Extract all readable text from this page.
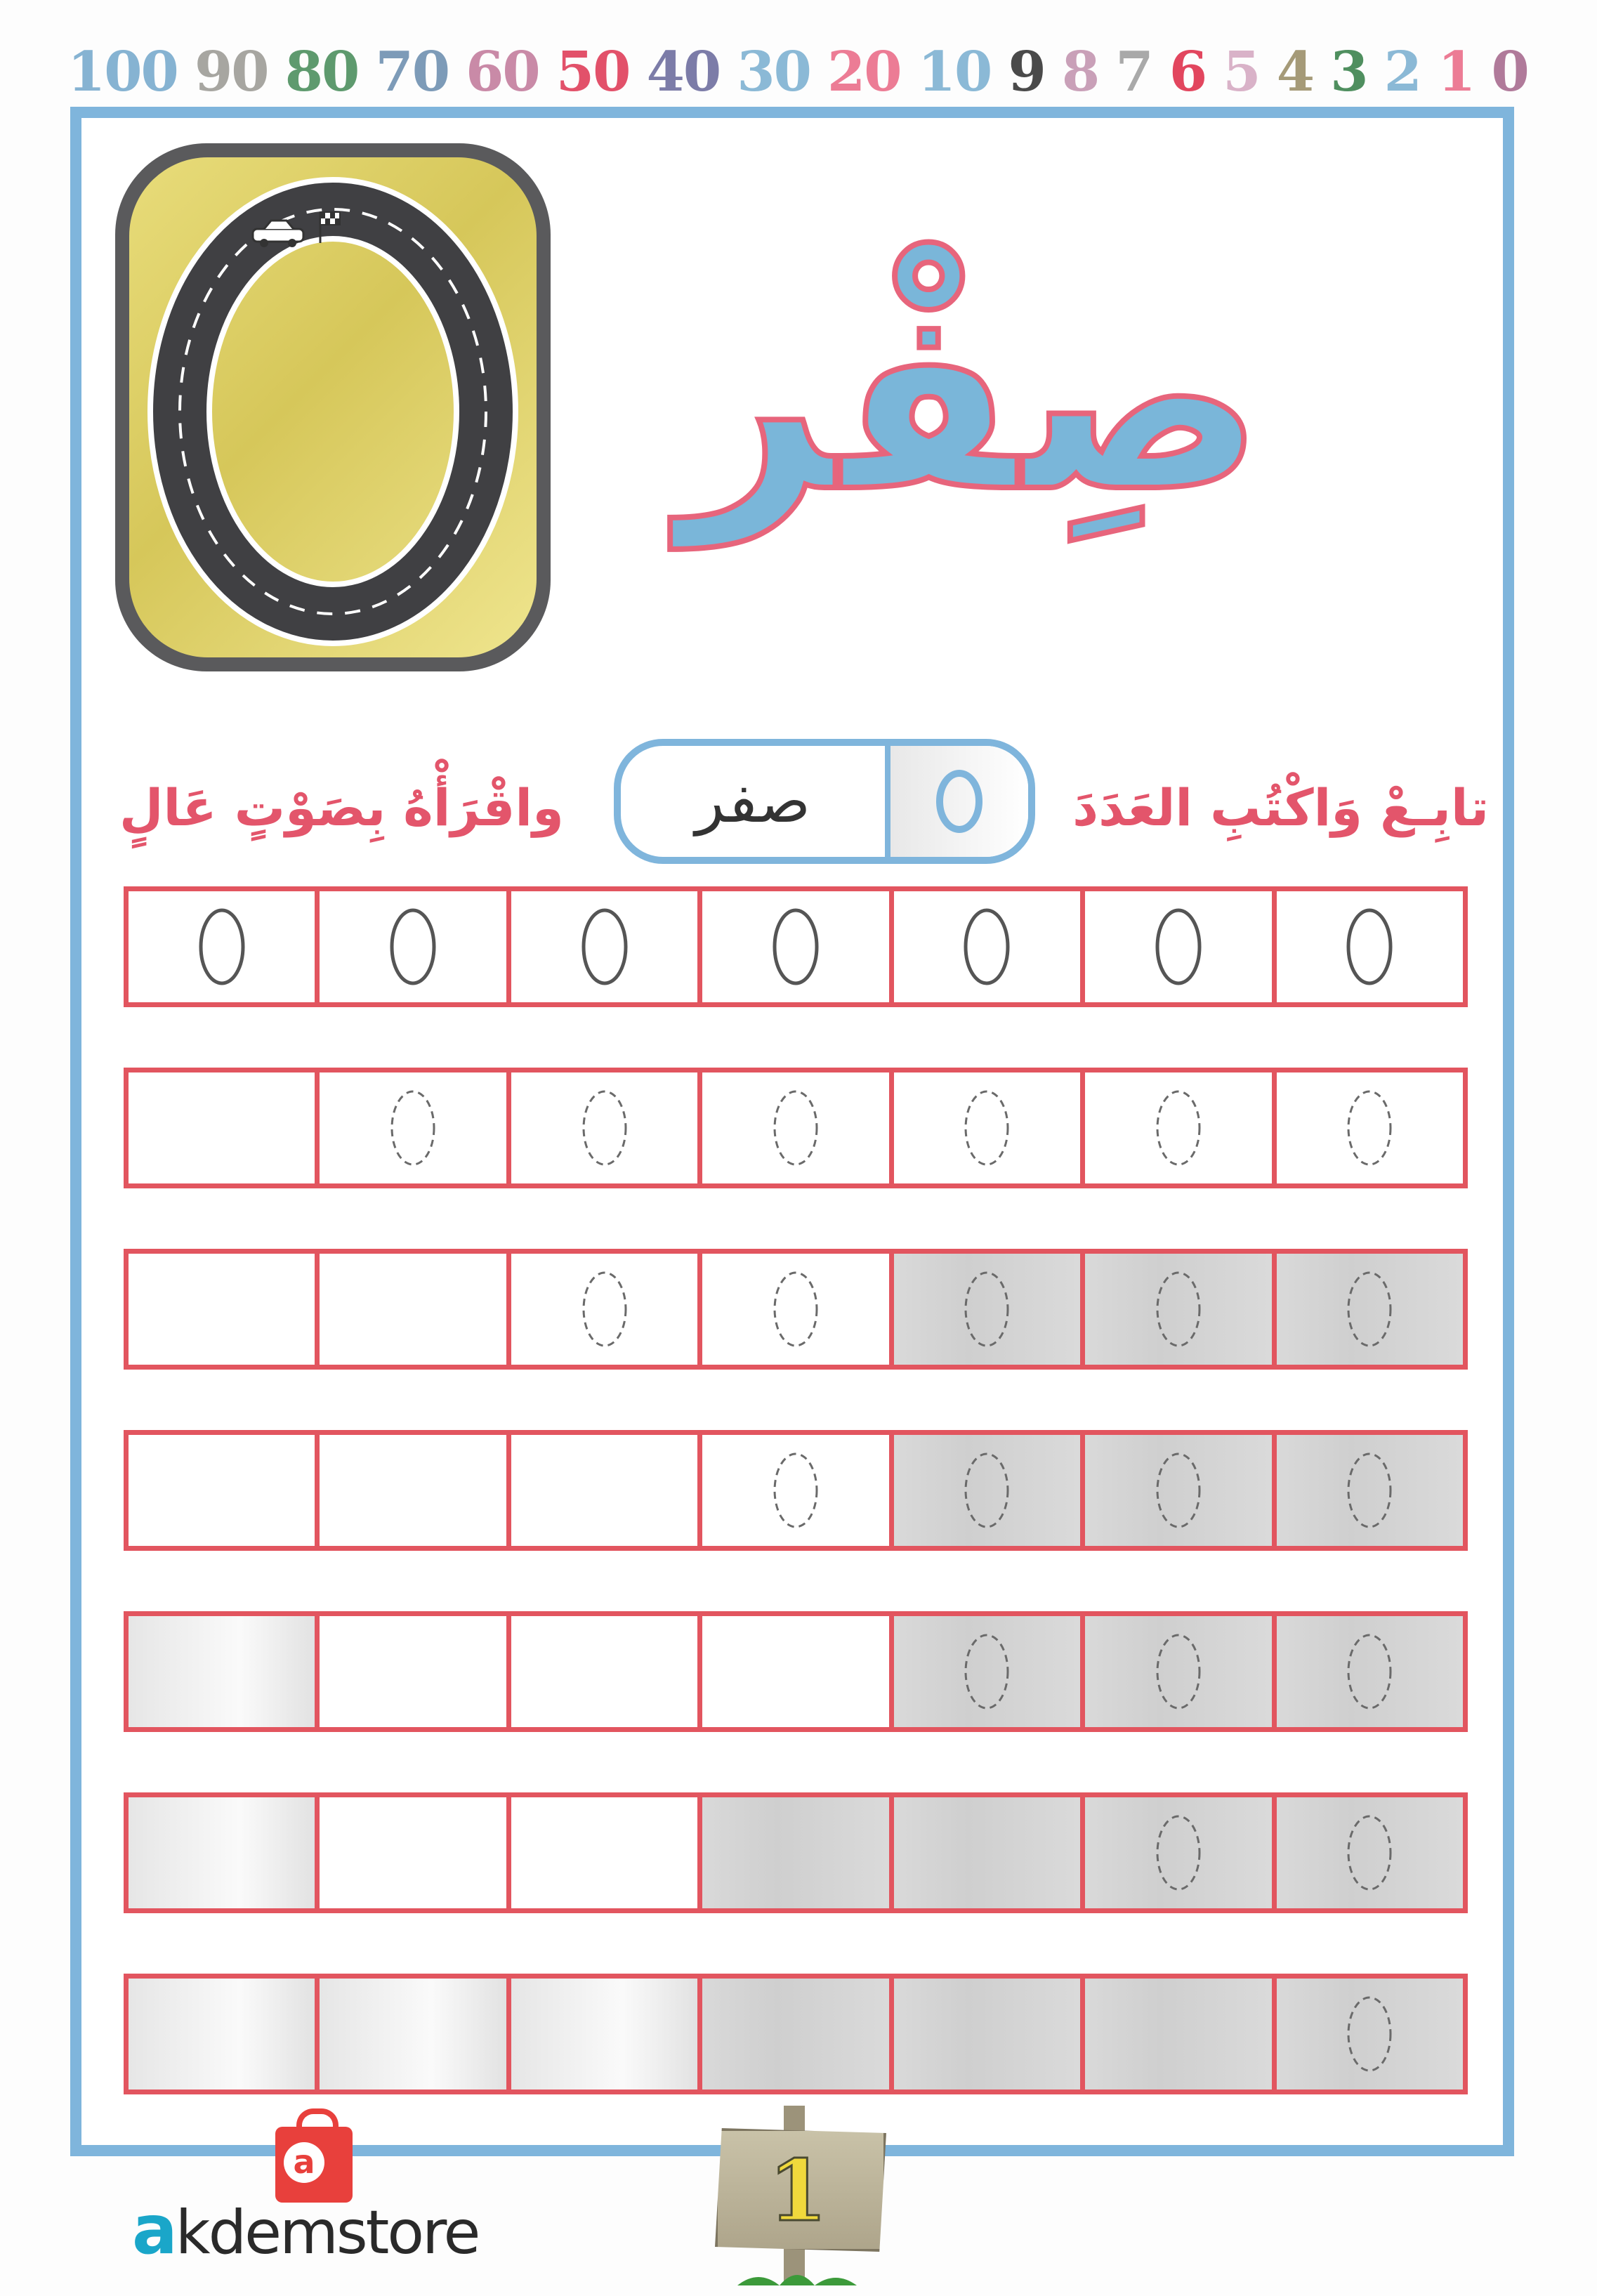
100 90 80 70 60 50 40 30 20 10 9 8 7 6 5 4 3 2 1 0
صِفْر
تابِـعْ وَاكْتُبِ العَدَدَ
صفر
واقْرَأْهُ بِصَوْتٍ عَالٍ
a
akdemstore	1
